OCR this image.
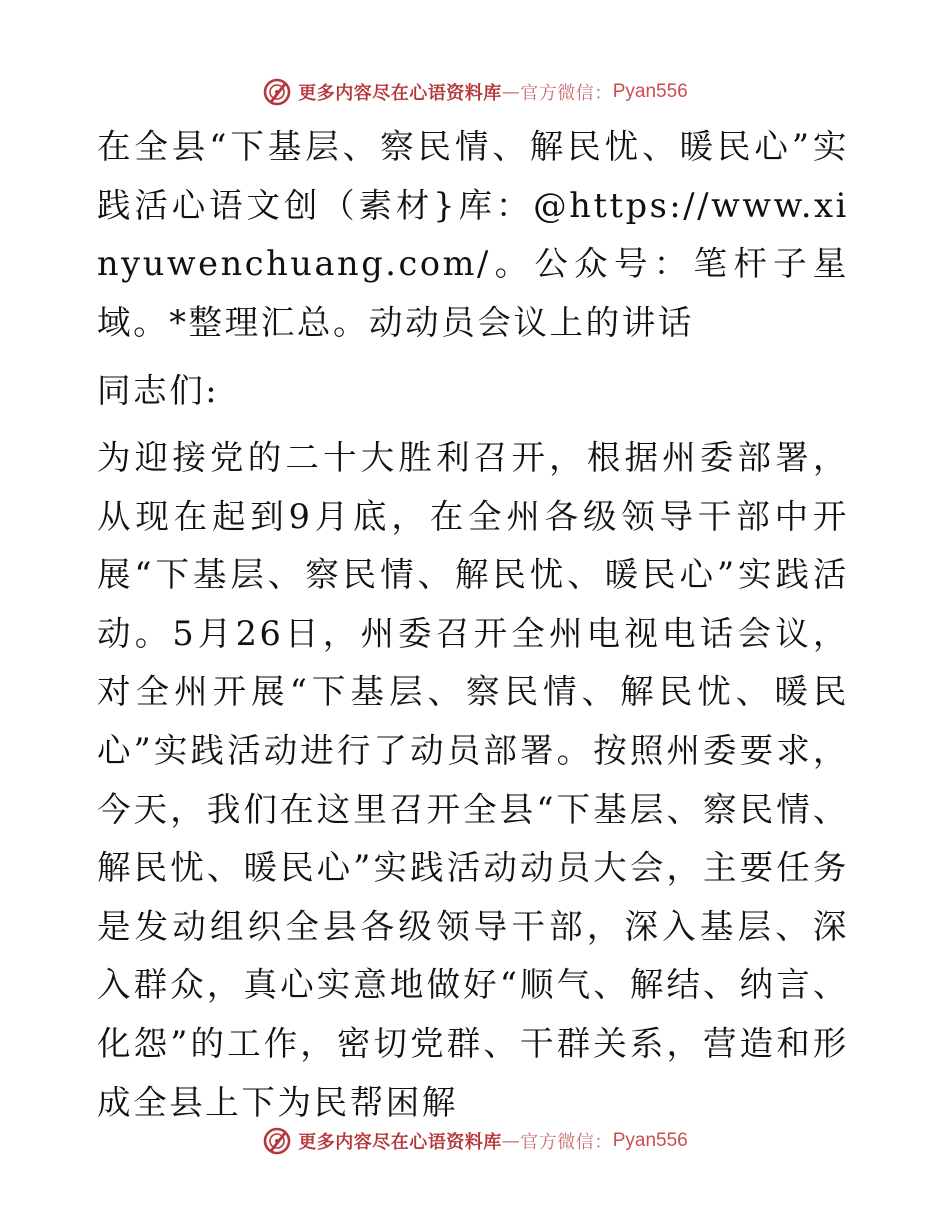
更多内容尽在心语资料库 — 官方微信： Pyan556

在全县“下基层、察民情、解民忧、暖民心”实践活心语文创（素材}库：@https://www.xinyuwenchuang.com/。公众号：笔杆子星域。*整理汇总。动动员会议上的讲话

同志们:

为迎接党的二十大胜利召开，根据州委部署，从现在起到9月底，在全州各级领导干部中开展“下基层、察民情、解民忧、暖民心”实践活动。5月26日，州委召开全州电视电话会议，对全州开展“下基层、察民情、解民忧、暖民心”实践活动进行了动员部署。按照州委要求，今天，我们在这里召开全县“下基层、察民情、解民忧、暖民心”实践活动动员大会，主要任务是发动组织全县各级领导干部，深入基层、深入群众，真心实意地做好“顺气、解结、纳言、化怨”的工作，密切党群、干群关系，营造和形成全县上下为民帮困解

更多内容尽在心语资料库 — 官方微信： Pyan556
